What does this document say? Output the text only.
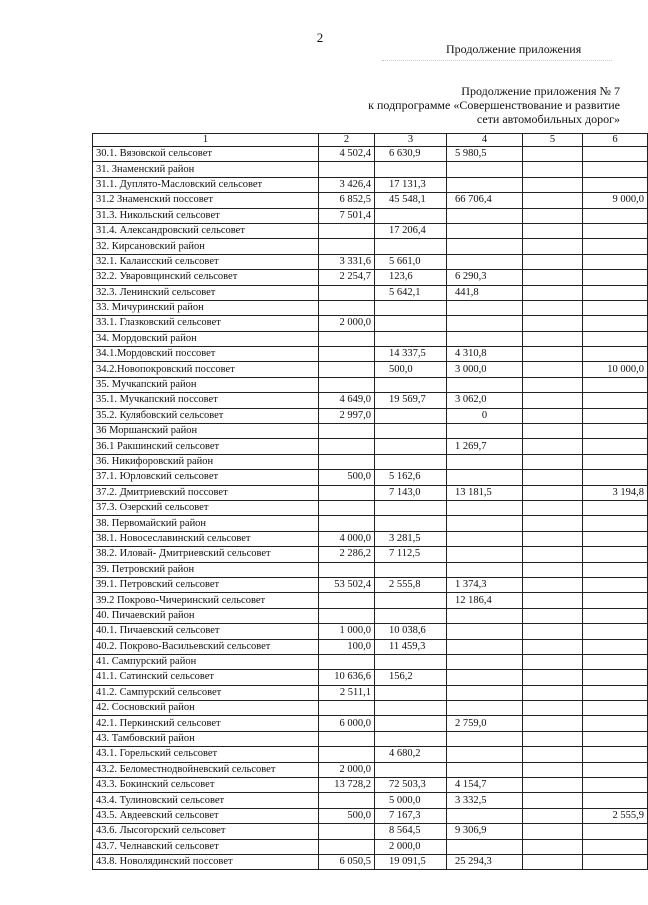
2
Продолжение приложения
Продолжение приложения № 7
к подпрограмме «Совершенствование и развитие
сети автомобильных дорог»
1	2	3	4	5	6
30.1. Вязовской сельсовет	4 502,4	6 630,9	5 980,5		
31. Знаменский район					
31.1. Дуплято-Масловский сельсовет	3 426,4	17 131,3			
31.2 Знаменский поссовет	6 852,5	45 548,1	66 706,4		9 000,0
31.3. Никольский сельсовет	7 501,4				
31.4. Александровский сельсовет		17 206,4			
32. Кирсановский район					
32.1. Калаисский сельсовет	3 331,6	5 661,0			
32.2. Уваровщинский сельсовет	2 254,7	123,6	6 290,3		
32.3. Ленинский сельсовет		5 642,1	441,8		
33. Мичуринский район					
33.1. Глазковский сельсовет	2 000,0				
34. Мордовский район					
34.1.Мордовский поссовет		14 337,5	4 310,8		
34.2.Новопокровский поссовет		500,0	3 000,0		10 000,0
35. Мучкапский район					
35.1. Мучкапский поссовет	4 649,0	19 569,7	3 062,0		
35.2. Кулябовский сельсовет	2 997,0		0		
36 Моршанский район					
36.1 Ракшинский сельсовет			1 269,7		
36. Никифоровский район					
37.1. Юрловский сельсовет	500,0	5 162,6			
37.2. Дмитриевский поссовет		7 143,0	13 181,5		3 194,8
37.3. Озерский сельсовет					
38. Первомайский район					
38.1. Новосеславинский сельсовет	4 000,0	3 281,5			
38.2. Иловай- Дмитриевский сельсовет	2 286,2	7 112,5			
39. Петровский район					
39.1. Петровский сельсовет	53 502,4	2 555,8	1 374,3		
39.2 Покрово-Чичеринский сельсовет			12 186,4		
40. Пичаевский район					
40.1. Пичаевский сельсовет	1 000,0	10 038,6			
40.2. Покрово-Васильевский сельсовет	100,0	11 459,3			
41. Сампурский район					
41.1. Сатинский сельсовет	10 636,6	156,2			
41.2. Сампурский сельсовет	2 511,1				
42. Сосновский район					
42.1. Перкинский сельсовет	6 000,0		2 759,0		
43. Тамбовский район					
43.1. Горельский сельсовет		4 680,2			
43.2. Беломестнодвойневский сельсовет	2 000,0				
43.3. Бокинский сельсовет	13 728,2	72 503,3	4 154,7		
43.4. Тулиновский сельсовет		5 000,0	3 332,5		
43.5. Авдеевский сельсовет	500,0	7 167,3			2 555,9
43.6. Лысогорский сельсовет		8 564,5	9 306,9		
43.7. Челнавский сельсовет		2 000,0			
43.8. Новолядинский поссовет	6 050,5	19 091,5	25 294,3		
